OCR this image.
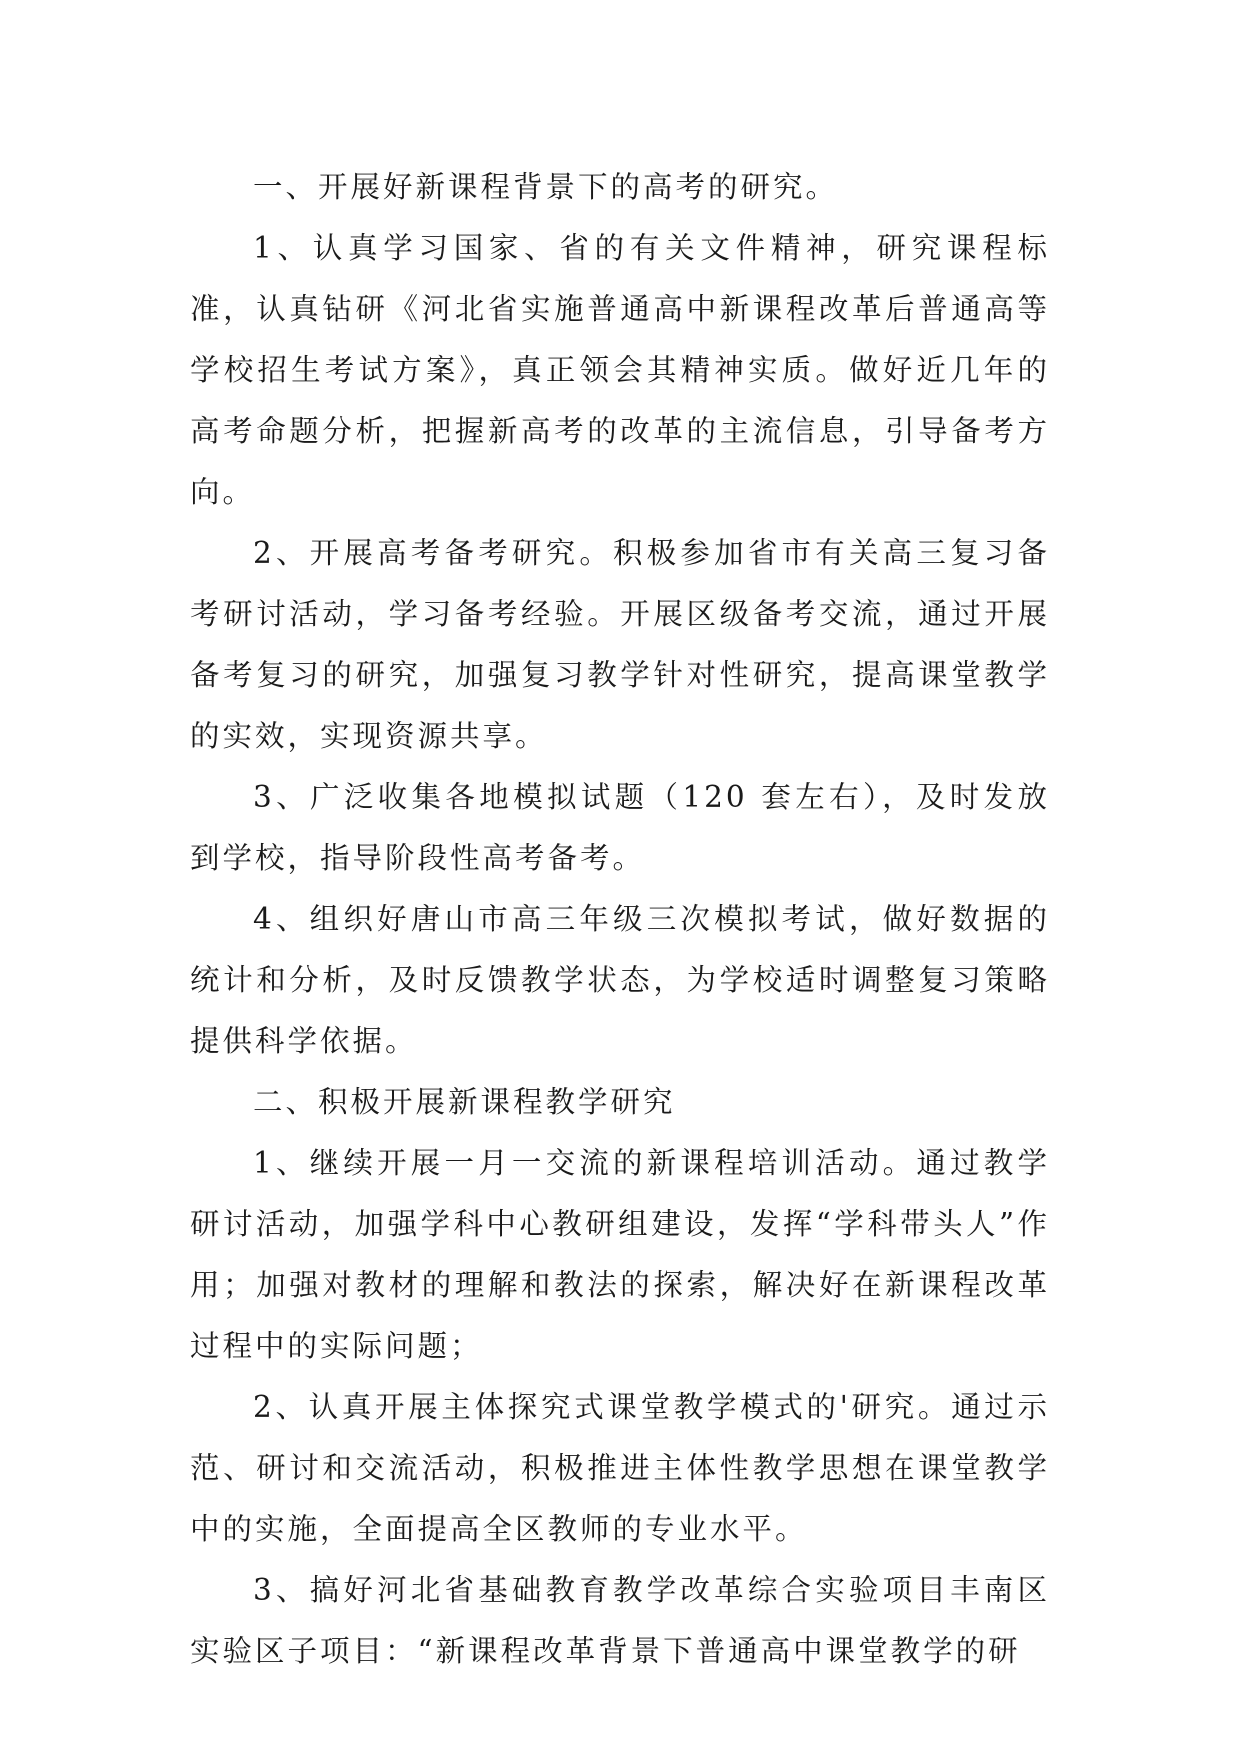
一、开展好新课程背景下的高考的研究。

1、认真学习国家、省的有关文件精神，研究课程标准，认真钻研《河北省实施普通高中新课程改革后普通高等学校招生考试方案》，真正领会其精神实质。做好近几年的高考命题分析，把握新高考的改革的主流信息，引导备考方向。

2、开展高考备考研究。积极参加省市有关高三复习备考研讨活动，学习备考经验。开展区级备考交流，通过开展备考复习的研究，加强复习教学针对性研究，提高课堂教学的实效，实现资源共享。

3、广泛收集各地模拟试题（120 套左右），及时发放到学校，指导阶段性高考备考。

4、组织好唐山市高三年级三次模拟考试，做好数据的统计和分析，及时反馈教学状态，为学校适时调整复习策略提供科学依据。

二、积极开展新课程教学研究

1、继续开展一月一交流的新课程培训活动。通过教学研讨活动，加强学科中心教研组建设，发挥“学科带头人”作用；加强对教材的理解和教法的探索，解决好在新课程改革过程中的实际问题；

2、认真开展主体探究式课堂教学模式的'研究。通过示范、研讨和交流活动，积极推进主体性教学思想在课堂教学中的实施，全面提高全区教师的专业水平。

3、搞好河北省基础教育教学改革综合实验项目丰南区实验区子项目：“新课程改革背景下普通高中课堂教学的研
